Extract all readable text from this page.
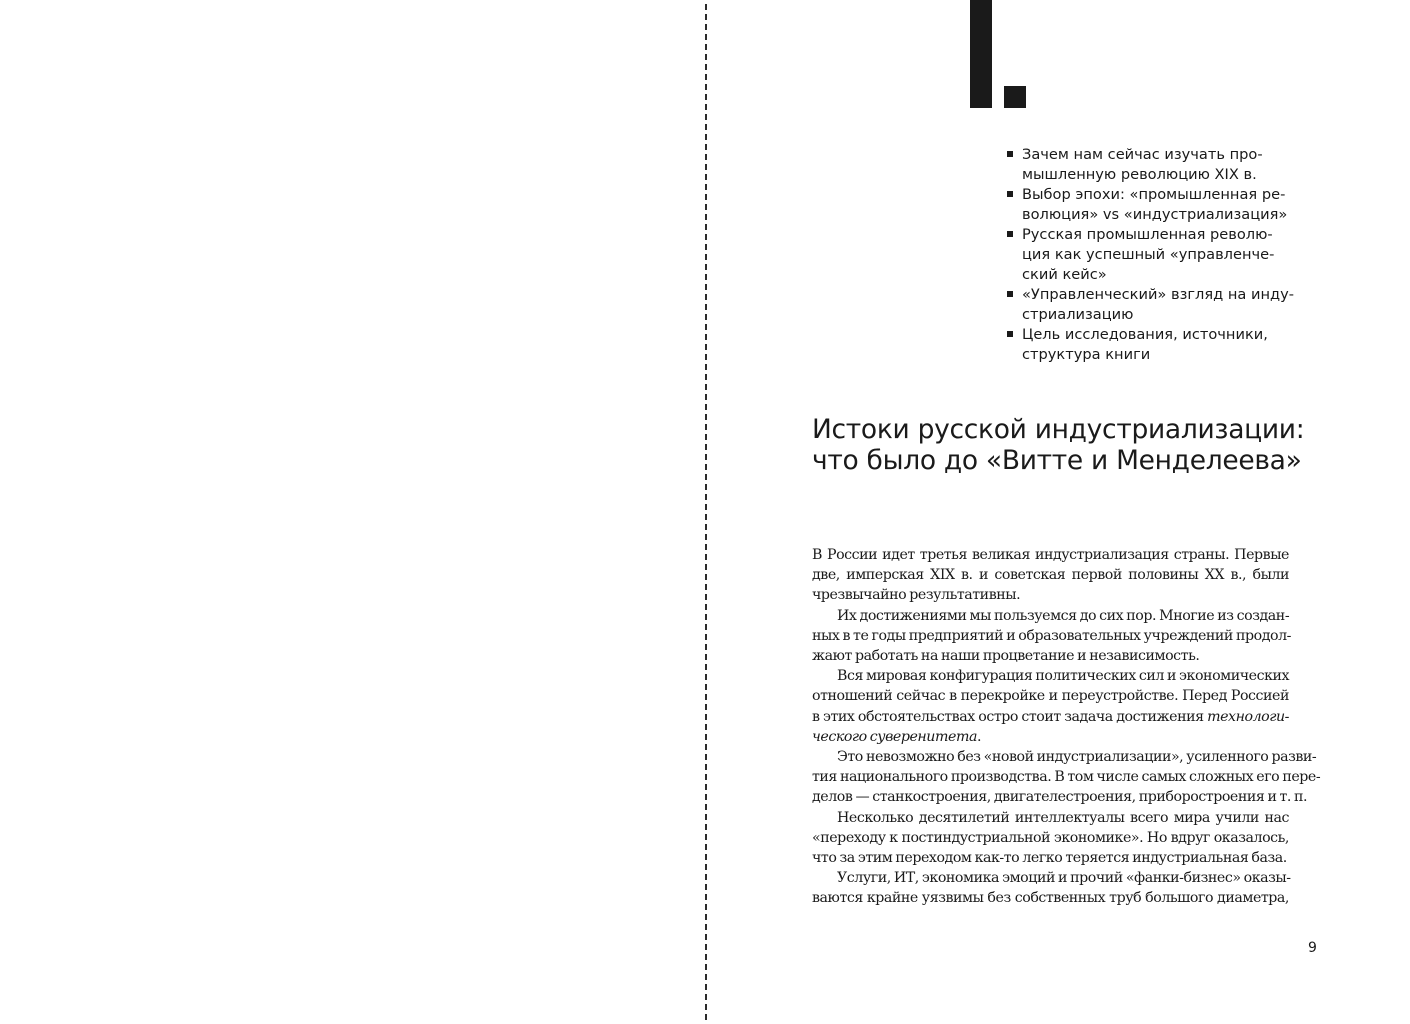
Зачем нам сейчас изучать про-
мышленную революцию XIX в.
Выбор эпохи: «промышленная ре-
волюция» vs «индустриализация»
Русская промышленная револю-
ция как успешный «управленче-
ский кейс»
«Управленческий» взгляд на инду-
стриализацию
Цель исследования, источники,
структура книги
Истоки русской индустриализации:
что было до «Витте и Менделеева»

В России идет третья великая индустриализация страны. Первые
две, имперская XIX в. и советская первой половины XX в., были
чрезвычайно результативны.

Их достижениями мы пользуемся до сих пор. Многие из создан-
ных в те годы предприятий и образовательных учреждений продол-
жают работать на наши процветание и независимость.

Вся мировая конфигурация политических сил и экономических
отношений сейчас в перекройке и переустройстве. Перед Россией
в этих обстоятельствах остро стоит задача достижения технологи-
ческого суверенитета.

Это невозможно без «новой индустриализации», усиленного разви-
тия национального производства. В том числе самых сложных его пере-
делов — станкостроения, двигателестроения, приборостроения и т. п.

Несколько десятилетий интеллектуалы всего мира учили нас
«переходу к постиндустриальной экономике». Но вдруг оказалось,
что за этим переходом как-то легко теряется индустриальная база.

Услуги, ИТ, экономика эмоций и прочий «фанки-бизнес» оказы-
ваются крайне уязвимы без собственных труб большого диаметра,

9
